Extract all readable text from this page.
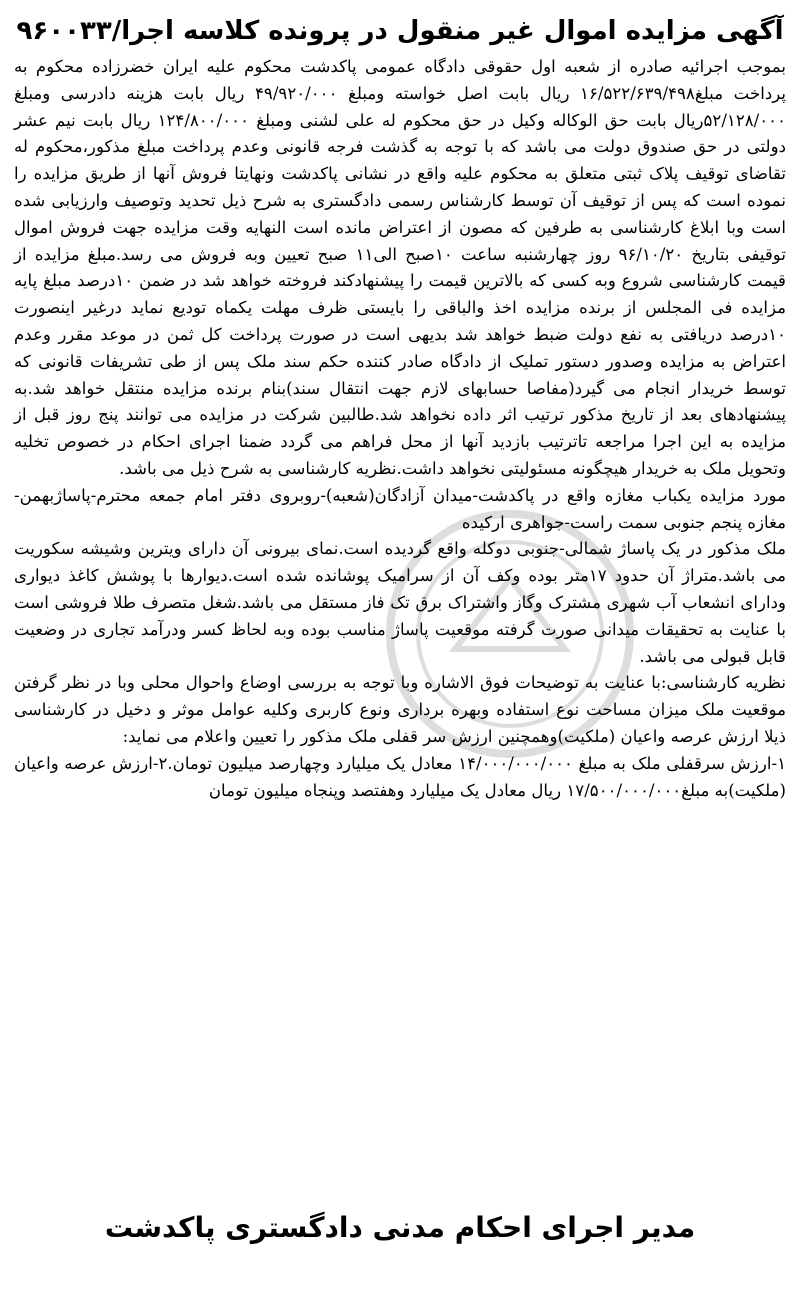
آگهی مزایده اموال غیر منقول در پرونده کلاسه اجرا/۹۶۰۰۳۳

بموجب اجرائیه صادره از شعبه اول حقوقی دادگاه عمومی پاکدشت محکوم علیه ایران خضرزاده محکوم به پرداخت مبلغ۱۶/۵۲۲/۶۳۹/۴۹۸ ریال بابت اصل خواسته ومبلغ ۴۹/۹۲۰/۰۰۰ ریال بابت هزینه دادرسی ومبلغ ۵۲/۱۲۸/۰۰۰ریال بابت حق الوکاله وکیل در حق محکوم له علی لشنی ومبلغ ۱۲۴/۸۰۰/۰۰۰ ریال بابت نیم عشر دولتی در حق صندوق دولت می باشد که با توجه به گذشت فرجه قانونی وعدم پرداخت مبلغ مذکور،محکوم له تقاضای توقیف پلاک ثبتی متعلق به محکوم علیه واقع در نشانی پاکدشت ونهایتا فروش آنها از طریق مزایده را نموده است که پس از توقیف آن توسط کارشناس رسمی دادگستری به شرح ذیل تحدید وتوصیف وارزیابی شده است وبا ابلاغ کارشناسی به طرفین که مصون از اعتراض مانده است النهایه وقت مزایده جهت فروش اموال توقیفی بتاریخ ۹۶/۱۰/۲۰ روز چهارشنبه ساعت ۱۰صبح الی۱۱ صبح تعیین وبه فروش می رسد.مبلغ مزایده از قیمت کارشناسی شروع وبه کسی که بالاترین قیمت را پیشنهادکند فروخته خواهد شد در ضمن ۱۰درصد مبلغ پایه مزایده فی المجلس از برنده مزایده اخذ والباقی را بایستی ظرف مهلت یکماه تودیع نماید درغیر اینصورت ۱۰درصد دریافتی به نفع دولت ضبط خواهد شد بدیهی است در صورت پرداخت کل ثمن در موعد مقرر وعدم اعتراض به مزایده وصدور دستور تملیک از دادگاه صادر کننده حکم سند ملک پس از طی تشریفات قانونی که توسط خریدار انجام می گیرد(مفاصا حسابهای لازم جهت انتقال سند)بنام برنده مزایده منتقل خواهد شد.به پیشنهادهای بعد از تاریخ مذکور ترتیب اثر داده نخواهد شد.طالبین شرکت در مزایده می توانند پنج روز قبل از مزایده به این اجرا مراجعه تاترتیب بازدید آنها از محل فراهم می گردد ضمنا اجرای احکام در خصوص تخلیه وتحویل ملک به خریدار هیچگونه مسئولیتی نخواهد داشت.نظریه کارشناسی به شرح ذیل می باشد.

مورد مزایده یکباب مغازه واقع در پاکدشت-میدان آزادگان(شعبه)-روبروی دفتر امام جمعه محترم-پاساژبهمن-مغازه پنجم جنوبی سمت راست-جواهری ارکیده

ملک مذکور در یک پاساژ شمالی-جنوبی دوکله واقع گردیده است.نمای بیرونی آن دارای ویترین وشیشه سکوریت می باشد.متراژ آن حدود ۱۷متر بوده وکف آن از سرامیک پوشانده شده است.دیوارها با پوشش کاغذ دیواری ودارای انشعاب آب شهری مشترک وگاز واشتراک برق تک فاز مستقل می باشد.شغل متصرف طلا فروشی است با عنایت به تحقیقات میدانی صورت گرفته موقعیت پاساژ مناسب بوده وبه لحاظ کسر ودرآمد تجاری در وضعیت قابل قبولی می باشد.

نظریه کارشناسی:با عنایت به توضیحات فوق الاشاره وبا توجه به بررسی اوضاع واحوال محلی وبا در نظر گرفتن موقعیت ملک میزان مساحت نوع استفاده وبهره برداری ونوع کاربری وکلیه عوامل موثر و دخیل در کارشناسی ذیلا ارزش عرصه واعیان (ملکیت)وهمچنین ارزش سر قفلی ملک مذکور را تعیین واعلام می نماید:

۱-ارزش سرقفلی ملک به مبلغ ۱۴/۰۰۰/۰۰۰/۰۰۰ معادل یک میلیارد وچهارصد میلیون تومان.۲-ارزش عرصه واعیان (ملکیت)به مبلغ۱۷/۵۰۰/۰۰۰/۰۰۰ ریال معادل یک میلیارد وهفتصد وپنجاه میلیون تومان

مدیر اجرای احکام مدنی دادگستری پاکدشت
